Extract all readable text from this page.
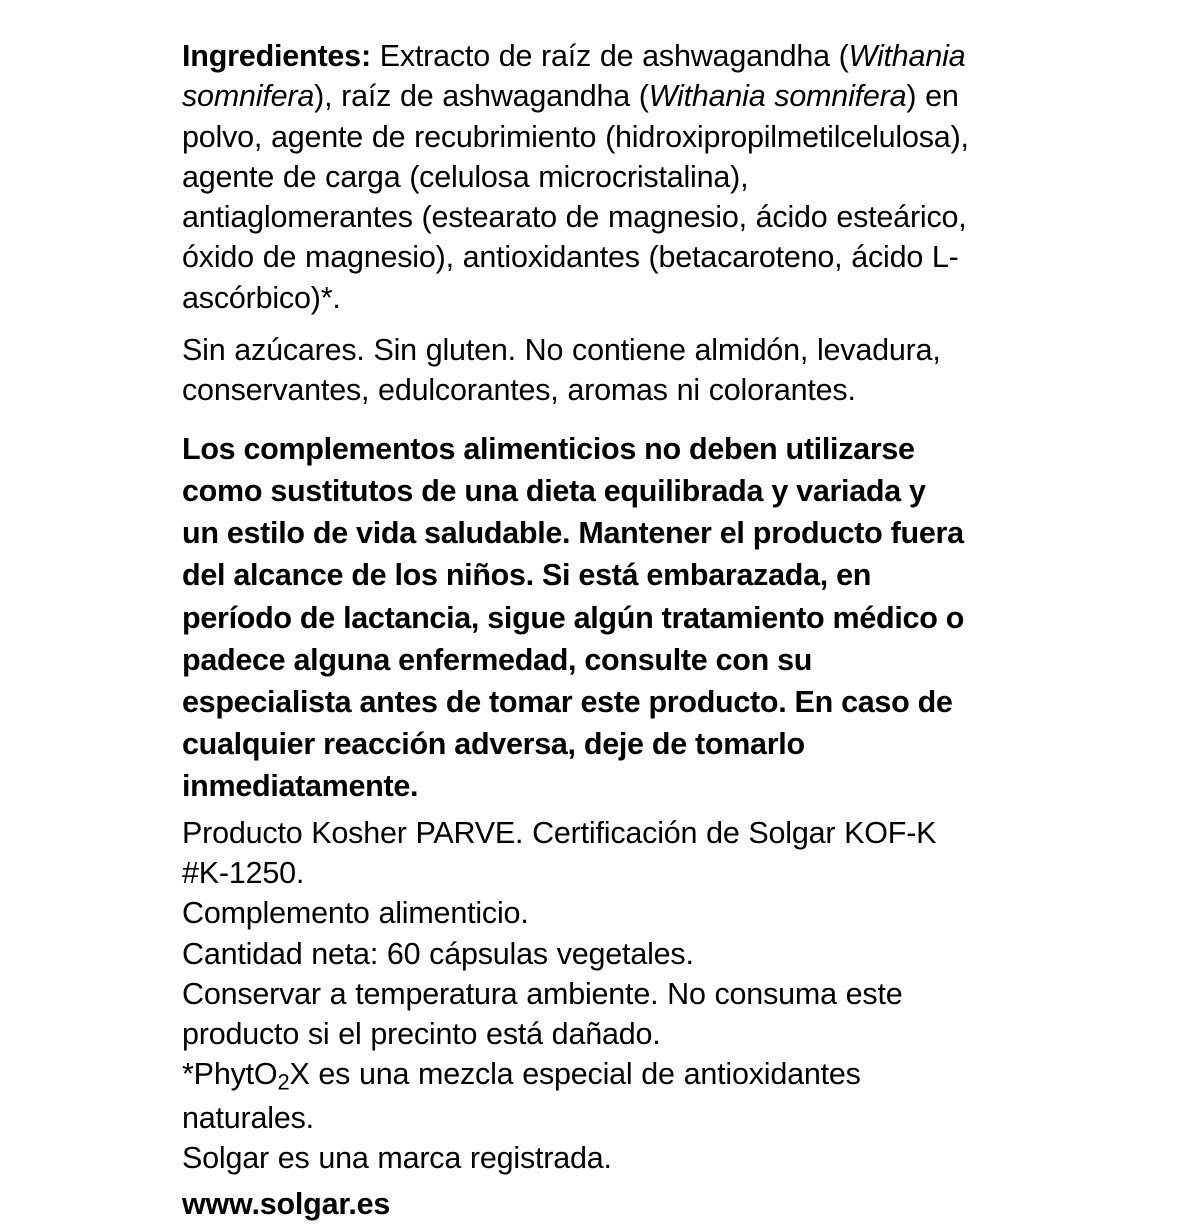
Ingredientes: Extracto de raíz de ashwagandha (Withania somnifera), raíz de ashwagandha (Withania somnifera) en polvo, agente de recubrimiento (hidroxipropilmetilcelulosa), agente de carga (celulosa microcristalina), antiaglomerantes (estearato de magnesio, ácido esteárico, óxido de magnesio), antioxidantes (betacaroteno, ácido L-ascórbico)*.

Sin azúcares. Sin gluten. No contiene almidón, levadura, conservantes, edulcorantes, aromas ni colorantes.

Los complementos alimenticios no deben utilizarse como sustitutos de una dieta equilibrada y variada y un estilo de vida saludable. Mantener el producto fuera del alcance de los niños. Si está embarazada, en período de lactancia, sigue algún tratamiento médico o padece alguna enfermedad, consulte con su especialista antes de tomar este producto. En caso de cualquier reacción adversa, deje de tomarlo inmediatamente.

Producto Kosher PARVE. Certificación de Solgar KOF-K #K-1250.

Complemento alimenticio.

Cantidad neta: 60 cápsulas vegetales.

Conservar a temperatura ambiente. No consuma este producto si el precinto está dañado.

*PhytO2X es una mezcla especial de antioxidantes naturales.

Solgar es una marca registrada.

www.solgar.es
